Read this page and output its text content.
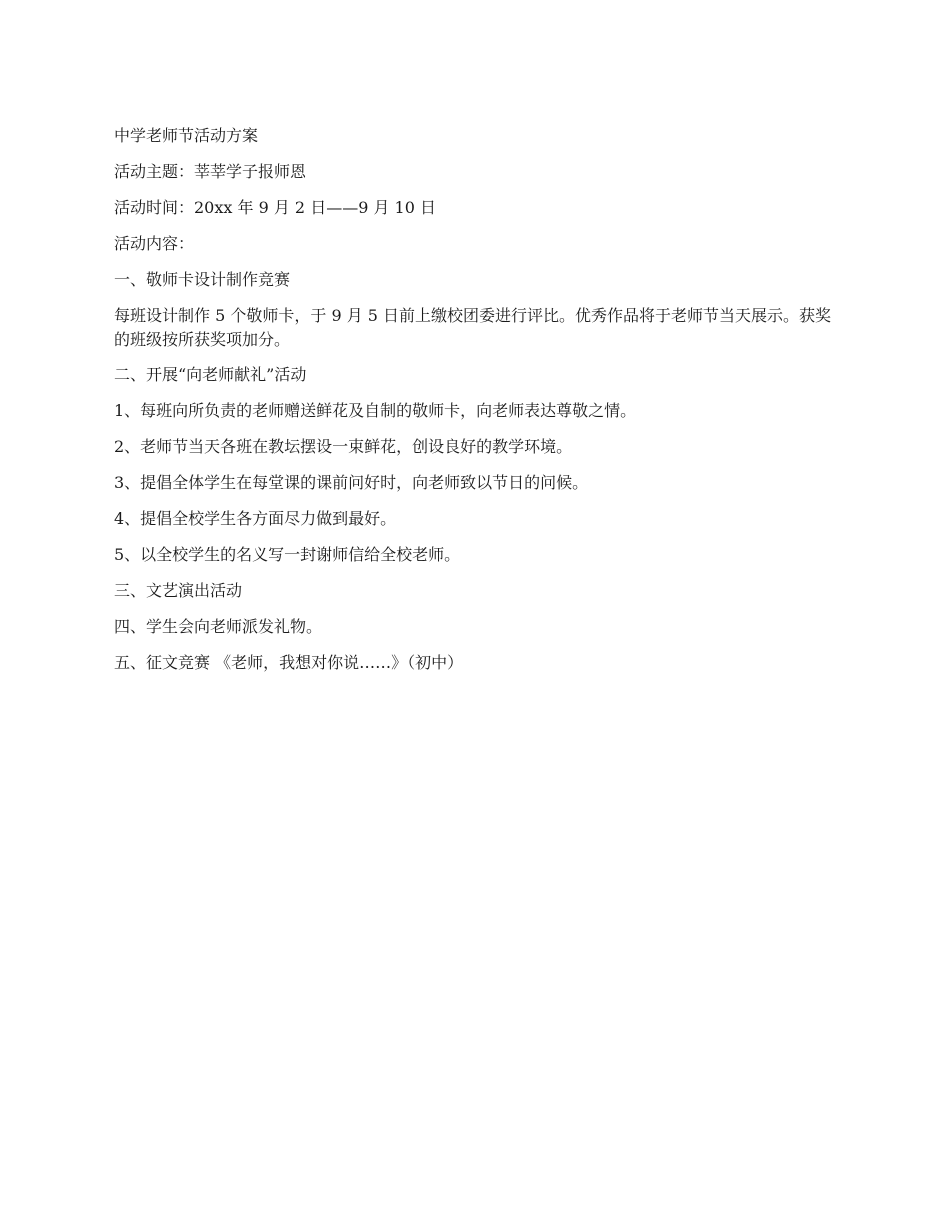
中学老师节活动方案

活动主题：莘莘学子报师恩

活动时间：20xx 年 9 月 2 日——9 月 10 日

活动内容：

一、敬师卡设计制作竞赛

每班设计制作 5 个敬师卡，于 9 月 5 日前上缴校团委进行评比。优秀作品将于老师节当天展示。获奖的班级按所获奖项加分。

二、开展“向老师献礼”活动

1、每班向所负责的老师赠送鲜花及自制的敬师卡，向老师表达尊敬之情。

2、老师节当天各班在教坛摆设一束鲜花，创设良好的教学环境。

3、提倡全体学生在每堂课的课前问好时，向老师致以节日的问候。

4、提倡全校学生各方面尽力做到最好。

5、以全校学生的名义写一封谢师信给全校老师。

三、文艺演出活动

四、学生会向老师派发礼物。

五、征文竞赛 《老师，我想对你说……》（初中）
